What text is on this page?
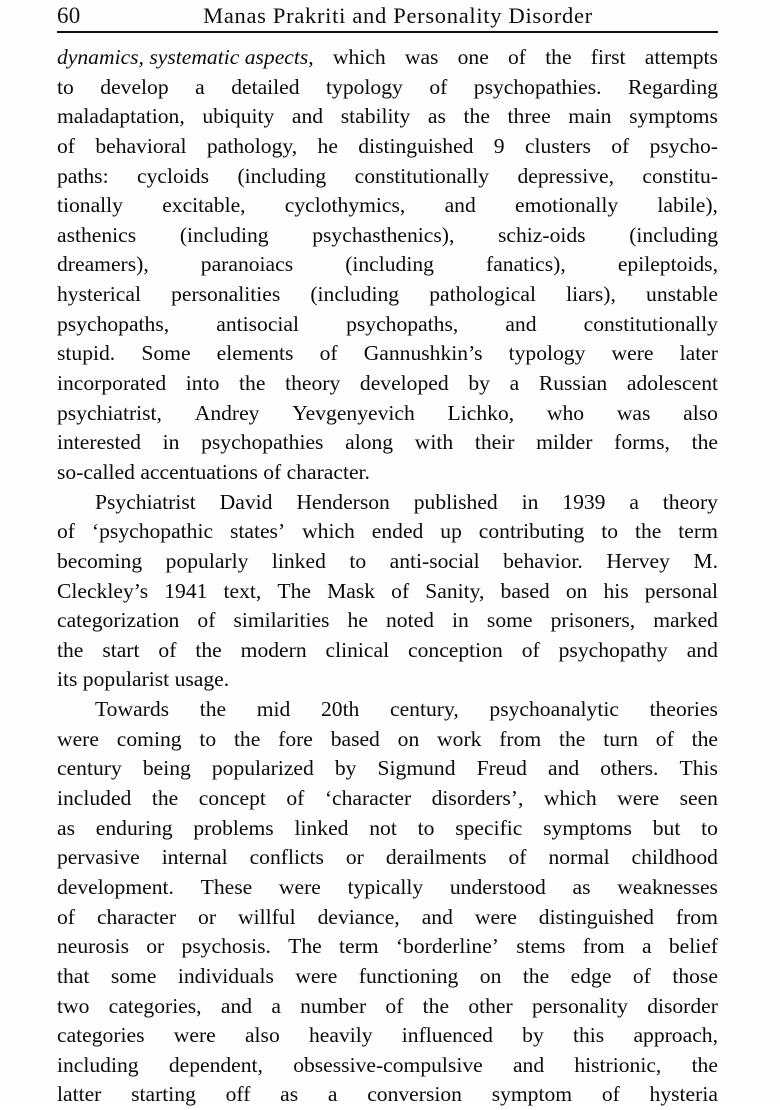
60	Manas Prakriti and Personality Disorder
dynamics, systematic aspects, which was one of the first attempts
to develop a detailed typology of psychopathies. Regarding
maladaptation, ubiquity and stability as the three main symptoms
of behavioral pathology, he distinguished 9 clusters of psycho-
paths: cycloids (including constitutionally depressive, constitu-
tionally excitable, cyclothymics, and emotionally labile),
asthenics (including psychasthenics), schiz-oids (including
dreamers), paranoiacs (including fanatics), epileptoids,
hysterical personalities (including pathological liars), unstable
psychopaths, antisocial psychopaths, and constitutionally
stupid. Some elements of Gannushkin’s typology were later
incorporated into the theory developed by a Russian adolescent
psychiatrist, Andrey Yevgenyevich Lichko, who was also
interested in psychopathies along with their milder forms, the
so-called accentuations of character.
Psychiatrist David Henderson published in 1939 a theory
of ‘psychopathic states’ which ended up contributing to the term
becoming popularly linked to anti-social behavior. Hervey M.
Cleckley’s 1941 text, The Mask of Sanity, based on his personal
categorization of similarities he noted in some prisoners, marked
the start of the modern clinical conception of psychopathy and
its popularist usage.
Towards the mid 20th century, psychoanalytic theories
were coming to the fore based on work from the turn of the
century being popularized by Sigmund Freud and others. This
included the concept of ‘character disorders’, which were seen
as enduring problems linked not to specific symptoms but to
pervasive internal conflicts or derailments of normal childhood
development. These were typically understood as weaknesses
of character or willful deviance, and were distinguished from
neurosis or psychosis. The term ‘borderline’ stems from a belief
that some individuals were functioning on the edge of those
two categories, and a number of the other personality disorder
categories were also heavily influenced by this approach,
including dependent, obsessive-compulsive and histrionic, the
latter starting off as a conversion symptom of hysteria
